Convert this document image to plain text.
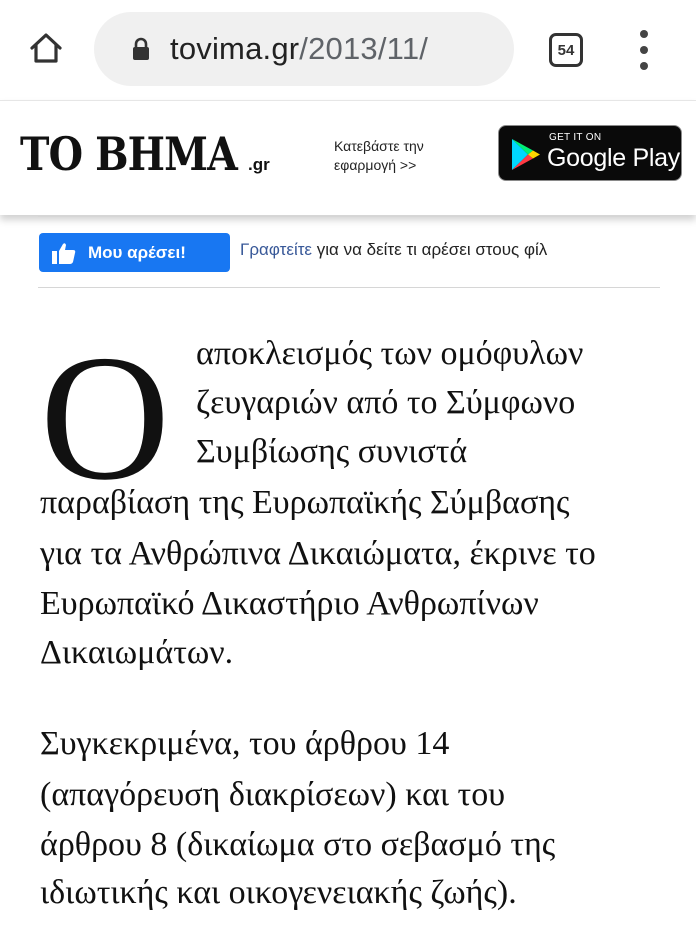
tovima.gr/2013/11/	54
ΤΟ ΒΗΜΑ .gr
Κατεβάστε την
εφαρμογή >>
GET IT ON
Google Play
Μου αρέσει!	Γραφτείτε για να δείτε τι αρέσει στους φίλ
Ο αποκλεισμός των ομόφυλων
ζευγαριών από το Σύμφωνο
Συμβίωσης συνιστά
παραβίαση της Ευρωπαϊκής Σύμβασης
για τα Ανθρώπινα Δικαιώματα, έκρινε το
Ευρωπαϊκό Δικαστήριο Ανθρωπίνων
Δικαιωμάτων.
Συγκεκριμένα, του άρθρου 14
(απαγόρευση διακρίσεων) και του
άρθρου 8 (δικαίωμα στο σεβασμό της
ιδιωτικής και οικογενειακής ζωής).
